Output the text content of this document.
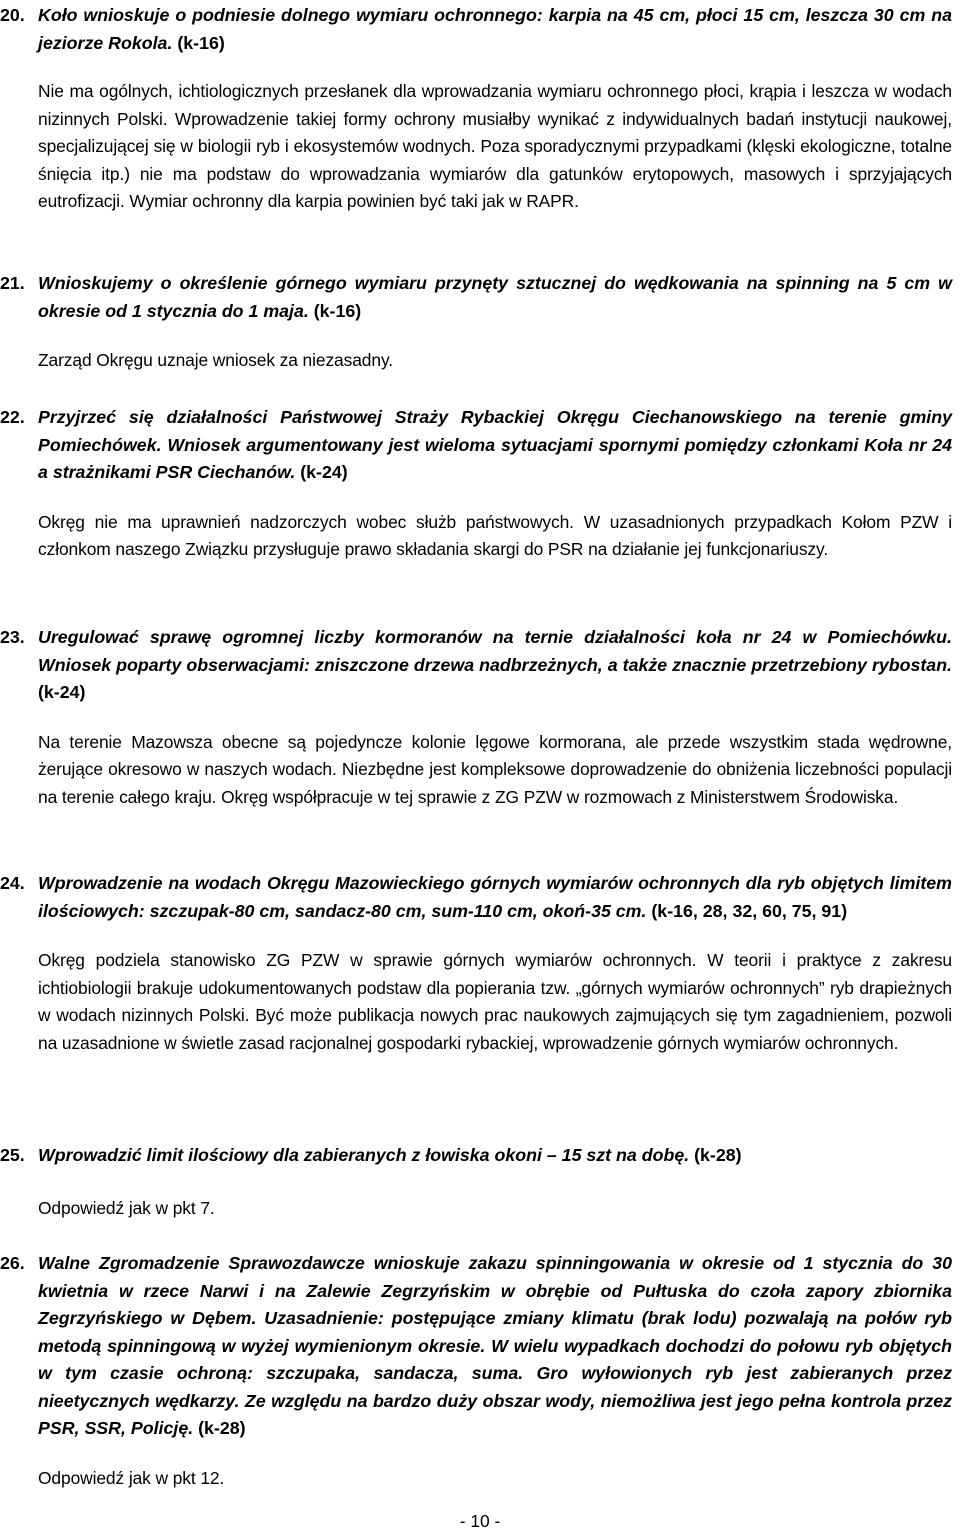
20. Koło wnioskuje o podniesie dolnego wymiaru ochronnego: karpia na 45 cm, płoci 15 cm, leszcza 30 cm na jeziorze Rokola. (k-16)

Nie ma ogólnych, ichtiologicznych przesłanek dla wprowadzania wymiaru ochronnego płoci, krąpia i leszcza w wodach nizinnych Polski. Wprowadzenie takiej formy ochrony musiałby wynikać z indywidualnych badań instytucji naukowej, specjalizującej się w biologii ryb i ekosystemów wodnych. Poza sporadycznymi przypadkami (klęski ekologiczne, totalne śnięcia itp.) nie ma podstaw do wprowadzania wymiarów dla gatunków erytopowych, masowych i sprzyjających eutrofizacji. Wymiar ochronny dla karpia powinien być taki jak w RAPR.

21. Wnioskujemy o określenie górnego wymiaru przynęty sztucznej do wędkowania na spinning na 5 cm w okresie od 1 stycznia do 1 maja. (k-16)

Zarząd Okręgu uznaje wniosek za niezasadny.

22. Przyjrzeć się działalności Państwowej Straży Rybackiej Okręgu Ciechanowskiego na terenie gminy Pomiechówek. Wniosek argumentowany jest wieloma sytuacjami spornymi pomiędzy członkami Koła nr 24 a strażnikami PSR Ciechanów. (k-24)

Okręg nie ma uprawnień nadzorczych wobec służb państwowych. W uzasadnionych przypadkach Kołom PZW i członkom naszego Związku przysługuje prawo składania skargi do PSR na działanie jej funkcjonariuszy.

23. Uregulować sprawę ogromnej liczby kormoranów na ternie działalności koła nr 24 w Pomiechówku. Wniosek poparty obserwacjami: zniszczone drzewa nadbrzeżnych, a także znacznie przetrzebiony rybostan. (k-24)

Na terenie Mazowsza obecne są pojedyncze kolonie lęgowe kormorana, ale przede wszystkim stada wędrowne, żerujące okresowo w naszych wodach. Niezbędne jest kompleksowe doprowadzenie do obniżenia liczebności populacji na terenie całego kraju. Okręg współpracuje w tej sprawie z ZG PZW w rozmowach z Ministerstwem Środowiska.

24. Wprowadzenie na wodach Okręgu Mazowieckiego górnych wymiarów ochronnych dla ryb objętych limitem ilościowych: szczupak-80 cm, sandacz-80 cm, sum-110 cm, okoń-35 cm. (k-16, 28, 32, 60, 75, 91)

Okręg podziela stanowisko ZG PZW w sprawie górnych wymiarów ochronnych. W teorii i praktyce z zakresu ichtiobiologii brakuje udokumentowanych podstaw dla popierania tzw. „górnych wymiarów ochronnych” ryb drapieżnych w wodach nizinnych Polski. Być może publikacja nowych prac naukowych zajmujących się tym zagadnieniem, pozwoli na uzasadnione w świetle zasad racjonalnej gospodarki rybackiej, wprowadzenie górnych wymiarów ochronnych.

25. Wprowadzić limit ilościowy dla zabieranych z łowiska okoni – 15 szt na dobę. (k-28)

Odpowiedź jak w pkt 7.

26. Walne Zgromadzenie Sprawozdawcze wnioskuje zakazu spinningowania w okresie od 1 stycznia do 30 kwietnia w rzece Narwi i na Zalewie Zegrzyńskim w obrębie od Pułtuska do czoła zapory zbiornika Zegrzyńskiego w Dębem. Uzasadnienie: postępujące zmiany klimatu (brak lodu) pozwalają na połów ryb metodą spinningową w wyżej wymienionym okresie. W wielu wypadkach dochodzi do połowu ryb objętych w tym czasie ochroną: szczupaka, sandacza, suma. Gro wyłowionych ryb jest zabieranych przez nieetycznych wędkarzy. Ze względu na bardzo duży obszar wody, niemożliwa jest jego pełna kontrola przez PSR, SSR, Policję. (k-28)

Odpowiedź jak w pkt 12.

- 10 -
